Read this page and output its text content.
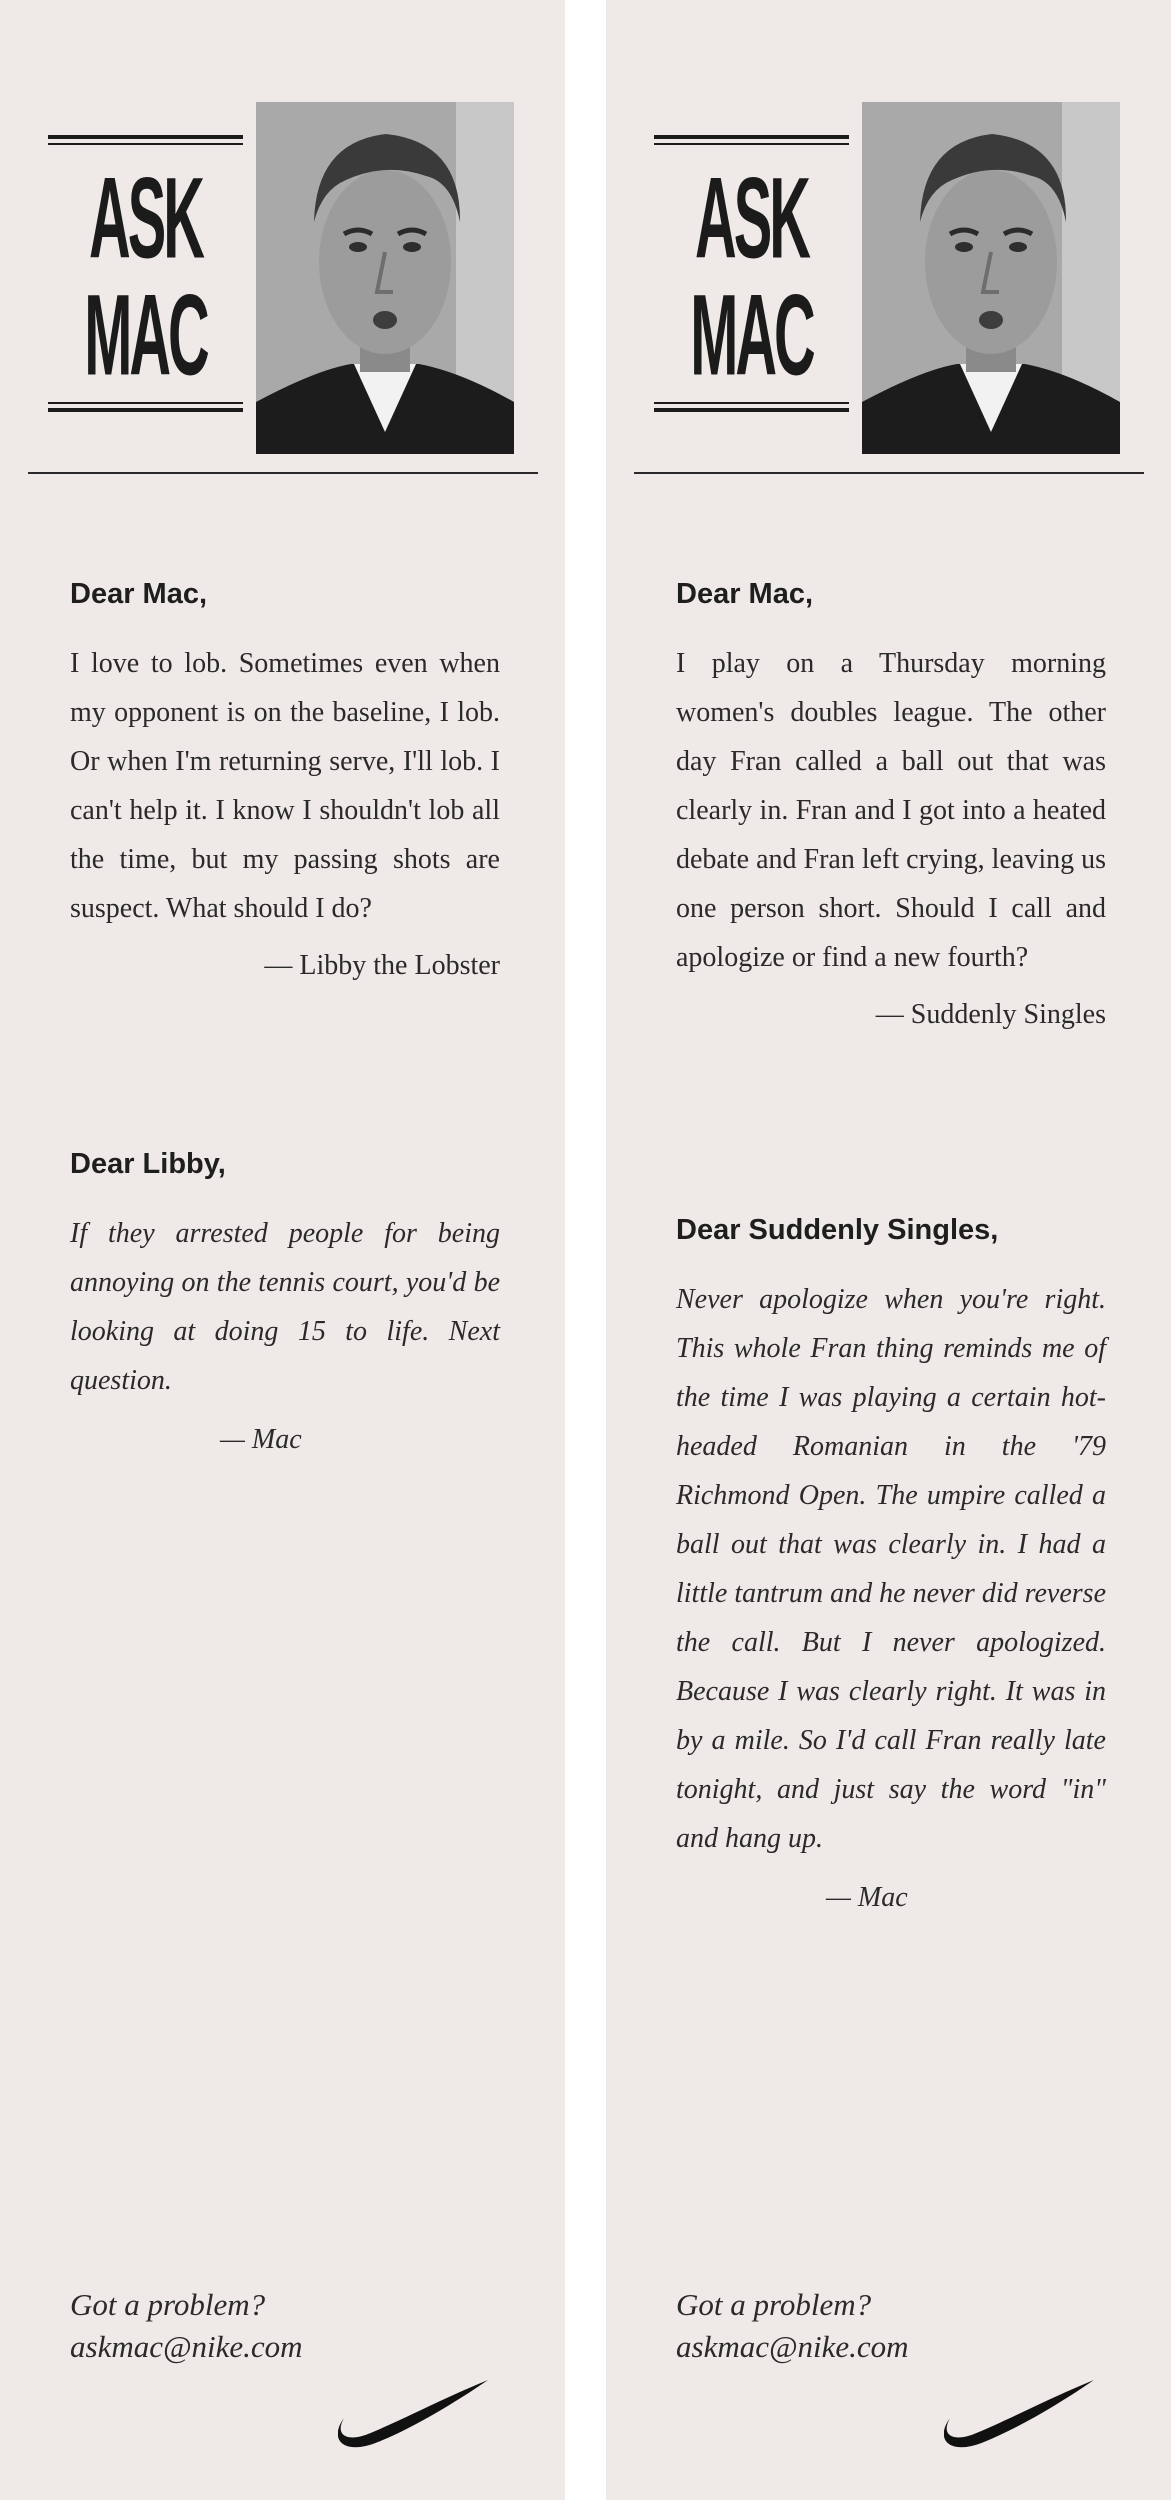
ASK
MAC

Dear Mac,

I love to lob. Sometimes even when my opponent is on the baseline, I lob. Or when I'm returning serve, I'll lob. I can't help it. I know I shouldn't lob all the time, but my passing shots are suspect. What should I do?

— Libby the Lobster

Dear Libby,

If they arrested people for being annoying on the tennis court, you'd be looking at doing 15 to life. Next question.

— Mac

Got a problem?
askmac@nike.com
ASK
MAC

Dear Mac,

I play on a Thursday morning women's doubles league. The other day Fran called a ball out that was clearly in. Fran and I got into a heated debate and Fran left crying, leaving us one person short. Should I call and apologize or find a new fourth?

— Suddenly Singles

Dear Suddenly Singles,

Never apologize when you're right. This whole Fran thing reminds me of the time I was playing a certain hot-headed Romanian in the '79 Richmond Open. The umpire called a ball out that was clearly in. I had a little tantrum and he never did reverse the call. But I never apologized. Because I was clearly right. It was in by a mile. So I'd call Fran really late tonight, and just say the word "in" and hang up.

— Mac

Got a problem?
askmac@nike.com
